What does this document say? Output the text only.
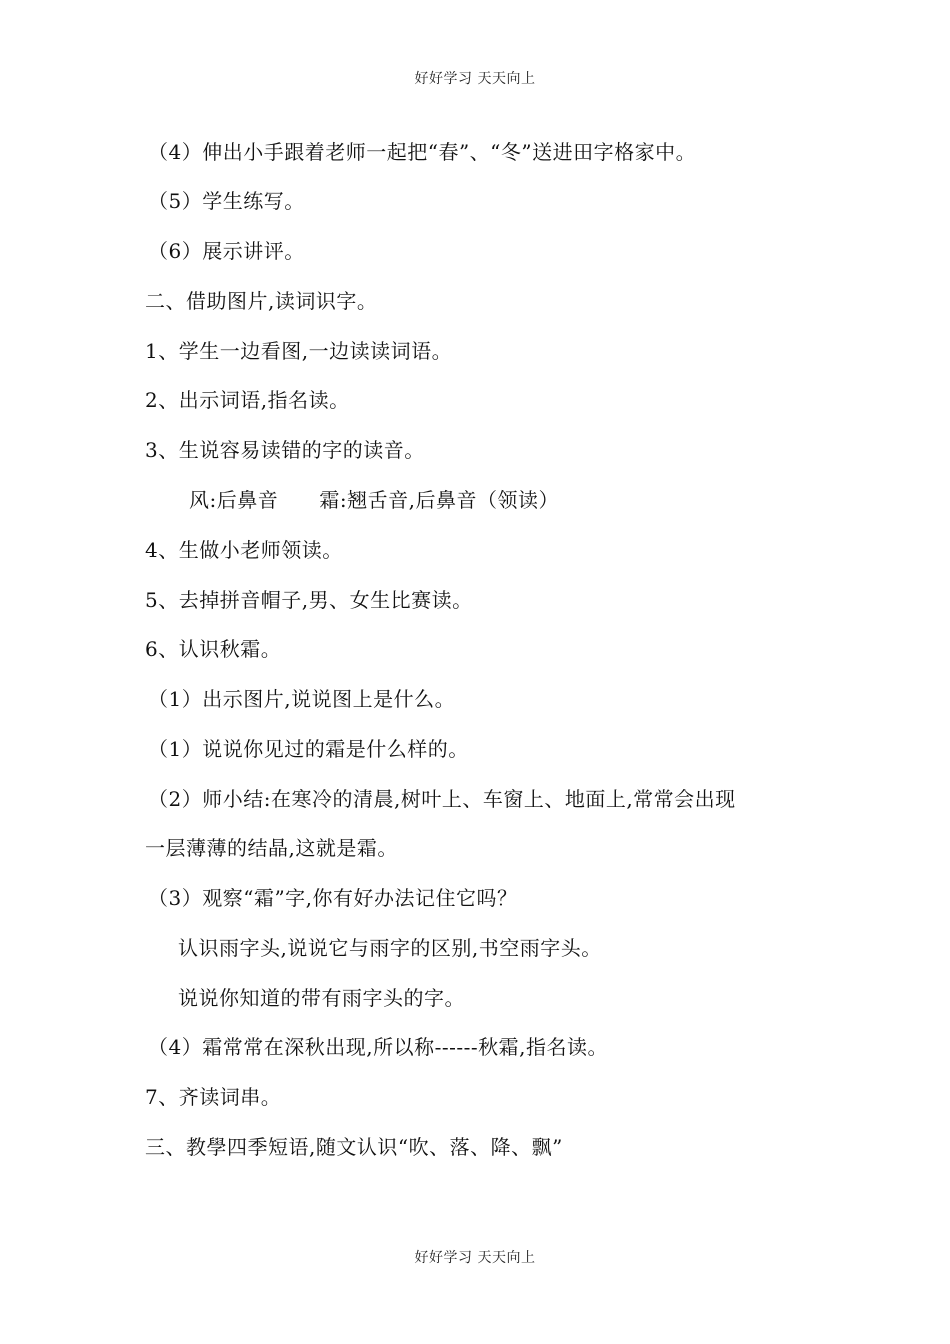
好好学习 天天向上
（4）伸出小手跟着老师一起把“春”、“冬”送进田字格家中。
（5）学生练写。
（6）展示讲评。
二、借助图片,读词识字。
1、学生一边看图,一边读读词语。
2、出示词语,指名读。
3、生说容易读错的字的读音。
风:后鼻音      霜:翘舌音,后鼻音（领读）
4、生做小老师领读。
5、去掉拼音帽子,男、女生比赛读。
6、认识秋霜。
（1）出示图片,说说图上是什么。
（1）说说你见过的霜是什么样的。
（2）师小结:在寒冷的清晨,树叶上、车窗上、地面上,常常会出现
一层薄薄的结晶,这就是霜。
（3）观察“霜”字,你有好办法记住它吗？
认识雨字头,说说它与雨字的区别,书空雨字头。
说说你知道的带有雨字头的字。
（4）霜常常在深秋出现,所以称------秋霜,指名读。
7、齐读词串。
三、教學四季短语,随文认识“吹、落、降、飘”
好好学习 天天向上
